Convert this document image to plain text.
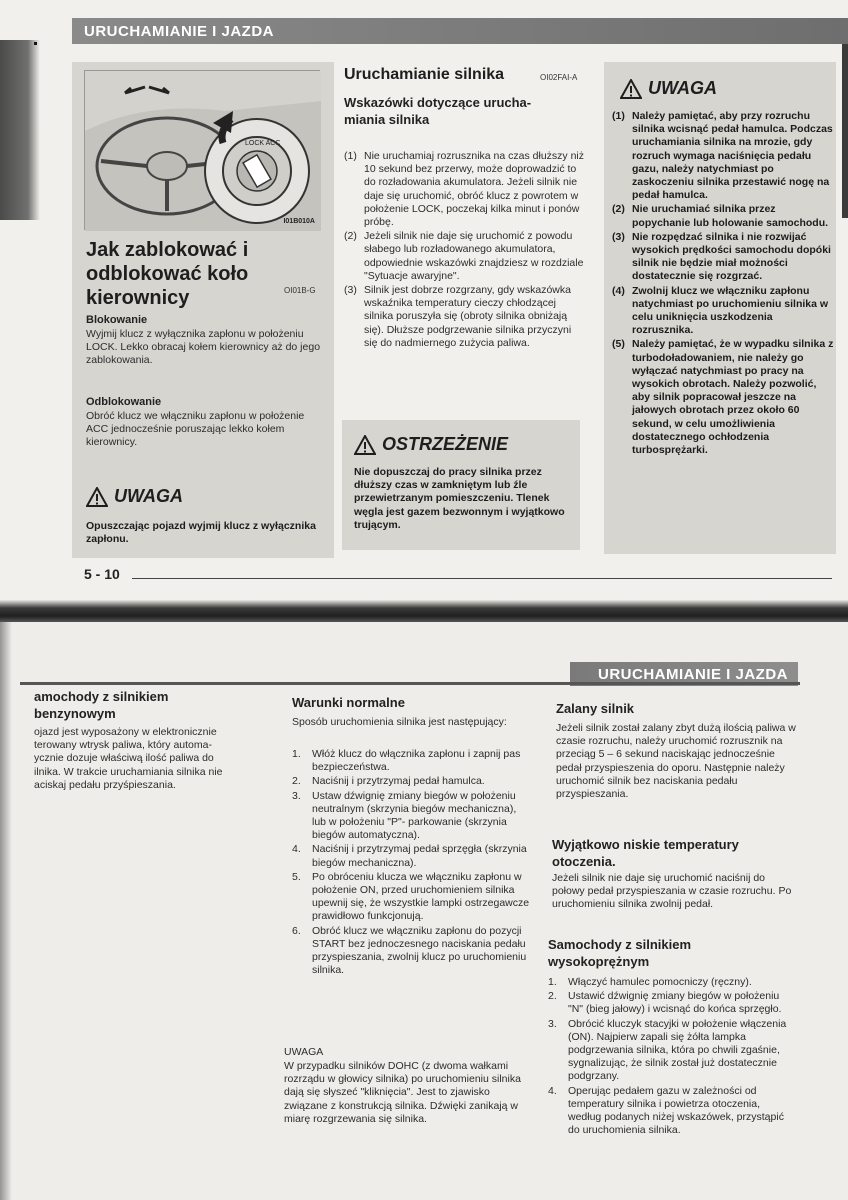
URUCHAMIANIE I JAZDA
LOCK ACC
I01B010A
Jak zablokować i
odblokować koło
kierownicy	OI01B-G
Blokowanie
Wyjmij klucz z wyłącznika zapłonu w położeniu LOCK. Lekko obracaj kołem kierownicy aż do jego zablokowania.
Odblokowanie
Obróć klucz we włączniku zapłonu w położenie ACC jednocześnie poruszając lekko kołem kierownicy.
UWAGA
Opuszczając pojazd wyjmij klucz z wyłącznika zapłonu.
Uruchamianie silnika	OI02FAI-A
Wskazówki dotyczące urucha-
miania silnika
(1) Nie uruchamiaj rozrusznika na czas dłuższy niż 10 sekund bez przerwy, może doprowadzić to do rozładowania akumulatora. Jeżeli silnik nie daje się uruchomić, obróć klucz z powrotem w położenie LOCK, poczekaj kilka minut i ponów próbę.
(2) Jeżeli silnik nie daje się uruchomić z powodu słabego lub rozładowanego akumulatora, odpowiednie wskazówki znajdziesz w rozdziale "Sytuacje awaryjne".
(3) Silnik jest dobrze rozgrzany, gdy wskazówka wskaźnika temperatury cieczy chłodzącej silnika poruszyła się (obroty silnika obniżają się). Dłuższe podgrzewanie silnika przyczyni się do nadmiernego zużycia paliwa.
OSTRZEŻENIE
Nie dopuszczaj do pracy silnika przez dłuższy czas w zamkniętym lub źle przewietrzanym pomieszczeniu. Tlenek węgla jest gazem bezwonnym i wyjątkowo trującym.
UWAGA
(1) Należy pamiętać, aby przy rozruchu silnika wcisnąć pedał hamulca. Podczas uruchamiania silnika na mrozie, gdy rozruch wymaga naciśnięcia pedału gazu, należy natychmiast po zaskoczeniu silnika przestawić nogę na pedał hamulca.
(2) Nie uruchamiać silnika przez popychanie lub holowanie samochodu.
(3) Nie rozpędzać silnika i nie rozwijać wysokich prędkości samochodu dopóki silnik nie będzie miał możności dostatecznie się rozgrzać.
(4) Zwolnij klucz we włączniku zapłonu natychmiast po uruchomieniu silnika w celu uniknięcia uszkodzenia rozrusznika.
(5) Należy pamiętać, że w wypadku silnika z turbodoładowaniem, nie należy go wyłączać natychmiast po pracy na wysokich obrotach. Należy pozwolić, aby silnik popracował jeszcze na jałowych obrotach przez około 60 sekund, w celu umożliwienia dostatecznego ochłodzenia turbosprężarki.
5 - 10
URUCHAMIANIE I JAZDA
amochody z silnikiem
benzynowym
ojazd jest wyposażony w elektronicznie
terowany wtrysk paliwa, który automa-
ycznie dozuje właściwą ilość paliwa do
ilnika. W trakcie uruchamiania silnika nie
aciskaj pedału przyśpieszania.
Warunki normalne
Sposób uruchomienia silnika jest następujący:
1.	Włóż klucz do włącznika zapłonu i zapnij pas bezpieczeństwa.
2.	Naciśnij i przytrzymaj pedał hamulca.
3.	Ustaw dźwignię zmiany biegów w położeniu neutralnym (skrzynia biegów mechaniczna), lub w położeniu "P"- parkowanie (skrzynia biegów automatyczna).
4.	Naciśnij i przytrzymaj pedał sprzęgła (skrzynia biegów mechaniczna).
5.	Po obróceniu klucza we włączniku zapłonu w położenie ON, przed uruchomieniem silnika upewnij się, że wszystkie lampki ostrzegawcze prawidłowo funkcjonują.
6.	Obróć klucz we włączniku zapłonu do pozycji START bez jednoczesnego naciskania pedału przyspieszania, zwolnij klucz po uruchomieniu silnika.
UWAGA
W przypadku silników DOHC (z dwoma wałkami rozrządu w głowicy silnika) po uruchomieniu silnika dają się słyszeć "kliknięcia". Jest to zjawisko związane z konstrukcją silnika. Dźwięki zanikają w miarę rozgrzewania się silnika.
Zalany silnik
Jeżeli silnik został zalany zbyt dużą ilością paliwa w czasie rozruchu, należy uruchomić rozrusznik na przeciąg 5 – 6 sekund naciskając jednocześnie pedał przyspieszenia do oporu. Następnie należy uruchomić silnik bez naciskania pedału przyspieszania.
Wyjątkowo niskie temperatury
otoczenia.
Jeżeli silnik nie daje się uruchomić naciśnij do połowy pedał przyspieszania w czasie rozruchu. Po uruchomieniu silnika zwolnij pedał.
Samochody z silnikiem
wysokoprężnym
1.	Włączyć hamulec pomocniczy (ręczny).
2.	Ustawić dźwignię zmiany biegów w położeniu "N" (bieg jałowy) i wcisnąć do końca sprzęgło.
3.	Obrócić kluczyk stacyjki w położenie włączenia (ON). Najpierw zapali się żółta lampka podgrzewania silnika, która po chwili zgaśnie, sygnalizując, że silnik został już dostatecznie podgrzany.
4.	Operując pedałem gazu w zależności od temperatury silnika i powietrza otoczenia, według podanych niżej wskazówek, przystąpić do uruchomienia silnika.
